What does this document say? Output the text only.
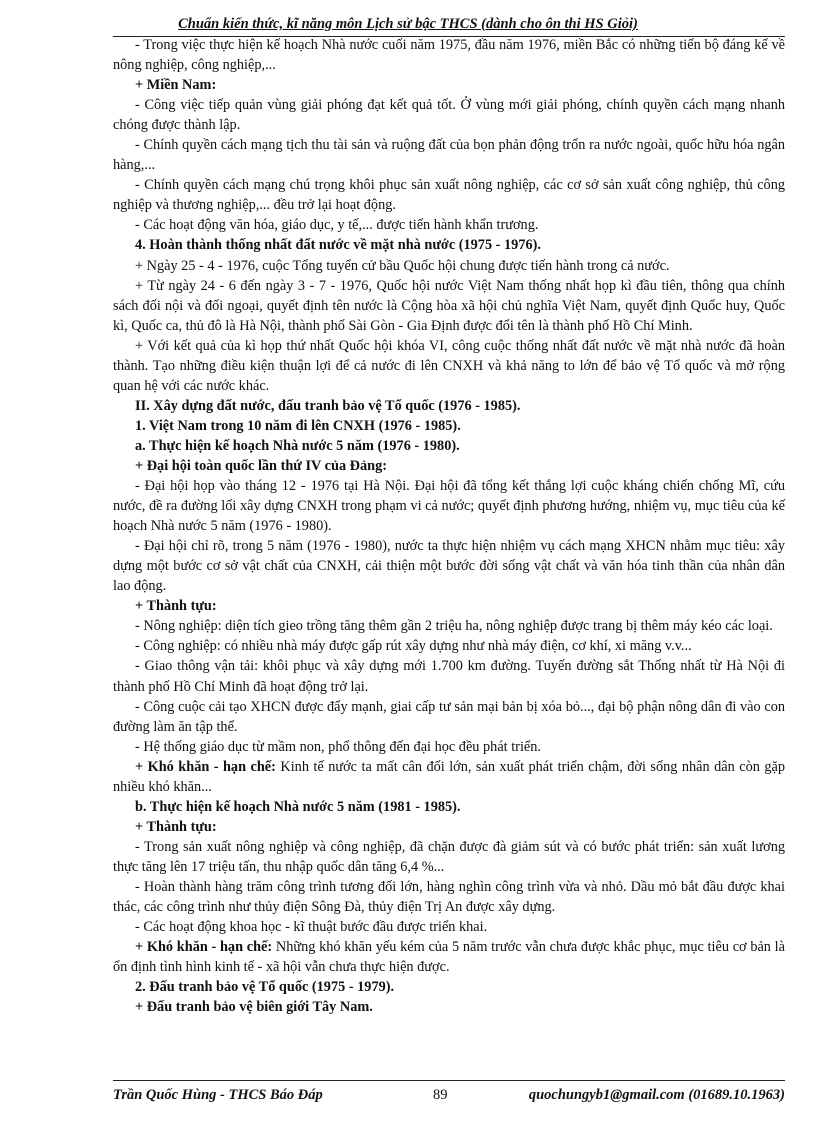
Chuẩn kiến thức, kĩ năng môn Lịch sử bậc THCS (dành cho ôn thi HS Giỏi)

- Trong việc thực hiện kế hoạch Nhà nước cuối năm 1975, đầu năm 1976, miền Bắc có những tiến bộ đáng kể về nông nghiệp, công nghiệp,...

+ Miền Nam:

- Công việc tiếp quản vùng giải phóng đạt kết quả tốt. Ở vùng mới giải phóng, chính quyền cách mạng nhanh chóng được thành lập.

- Chính quyền cách mạng tịch thu tài sản và ruộng đất của bọn phản động trốn ra nước ngoài, quốc hữu hóa ngân hàng,...

- Chính quyền cách mạng chú trọng khôi phục sản xuất nông nghiệp, các cơ sở sản xuất công nghiệp, thủ công nghiệp và thương nghiệp,... đều trở lại hoạt động.

- Các hoạt động văn hóa, giáo dục, y tế,... được tiến hành khẩn trương.

4. Hoàn thành thống nhất đất nước về mặt nhà nước (1975 - 1976).

+ Ngày 25 - 4 - 1976, cuộc Tổng tuyển cử bầu Quốc hội chung được tiến hành trong cả nước.

+ Từ ngày 24 - 6 đến ngày 3 - 7 - 1976, Quốc hội nước Việt Nam thống nhất họp kì đầu tiên, thông qua chính sách đối nội và đối ngoại, quyết định tên nước là Cộng hòa xã hội chủ nghĩa Việt Nam, quyết định Quốc huy, Quốc kì, Quốc ca, thủ đô là Hà Nội, thành phố Sài Gòn - Gia Định được đổi tên là thành phố Hồ Chí Minh.

+ Với kết quả của kì họp thứ nhất Quốc hội khóa VI, công cuộc thống nhất đất nước về mặt nhà nước đã hoàn thành. Tạo những điều kiện thuận lợi để cả nước đi lên CNXH và khả năng to lớn để bảo vệ Tổ quốc và mở rộng quan hệ với các nước khác.

II. Xây dựng đất nước, đấu tranh bảo vệ Tổ quốc (1976 - 1985).

1. Việt Nam trong 10 năm đi lên CNXH (1976 - 1985).

a. Thực hiện kế hoạch Nhà nước 5 năm (1976 - 1980).

+ Đại hội toàn quốc lần thứ IV của Đảng:

- Đại hội họp vào tháng 12 - 1976 tại Hà Nội. Đại hội đã tổng kết thắng lợi cuộc kháng chiến chống Mĩ, cứu nước, đề ra đường lối xây dựng CNXH trong phạm vi cả nước; quyết định phương hướng, nhiệm vụ, mục tiêu của kế hoạch Nhà nước 5 năm (1976 - 1980).

- Đại hội chỉ rõ, trong 5 năm (1976 - 1980), nước ta thực hiện nhiệm vụ cách mạng XHCN nhằm mục tiêu: xây dựng một bước cơ sở vật chất của CNXH, cải thiện một bước đời sống vật chất và văn hóa tinh thần của nhân dân lao động.

+ Thành tựu:

- Nông nghiệp: diện tích gieo trồng tăng thêm gần 2 triệu ha, nông nghiệp được trang bị thêm máy kéo các loại.

- Công nghiệp: có nhiều nhà máy được gấp rút xây dựng như nhà máy điện, cơ khí, xi măng v.v...

- Giao thông vận tải: khôi phục và xây dựng mới 1.700 km đường. Tuyến đường sắt Thống nhất từ Hà Nội đi thành phố Hồ Chí Minh đã hoạt động trở lại.

- Công cuộc cải tạo XHCN được đẩy mạnh, giai cấp tư sản mại bản bị xóa bỏ..., đại bộ phận nông dân đi vào con đường làm ăn tập thể.

- Hệ thống giáo dục từ mầm non, phổ thông đến đại học đều phát triển.

+ Khó khăn - hạn chế: Kinh tế nước ta mất cân đối lớn, sản xuất phát triển chậm, đời sống nhân dân còn gặp nhiều khó khăn...

b. Thực hiện kế hoạch Nhà nước 5 năm (1981 - 1985).

+ Thành tựu:

- Trong sản xuất nông nghiệp và công nghiệp, đã chặn được đà giảm sút và có bước phát triển: sản xuất lương thực tăng lên 17 triệu tấn, thu nhập quốc dân tăng 6,4 %...

- Hoàn thành hàng trăm công trình tương đối lớn, hàng nghìn công trình vừa và nhỏ. Dầu mỏ bắt đầu được khai thác, các công trình như thủy điện Sông Đà, thủy điện Trị An được xây dựng.

- Các hoạt động khoa học - kĩ thuật bước đầu được triển khai.

+ Khó khăn - hạn chế: Những khó khăn yếu kém của 5 năm trước vẫn chưa được khắc phục, mục tiêu cơ bản là ổn định tình hình kinh tế - xã hội vẫn chưa thực hiện được.

2. Đấu tranh bảo vệ Tổ quốc (1975 - 1979).

+ Đấu tranh bảo vệ biên giới Tây Nam.

Trần Quốc Hùng - THCS Báo Đáp	89	quochungyb1@gmail.com (01689.10.1963)
